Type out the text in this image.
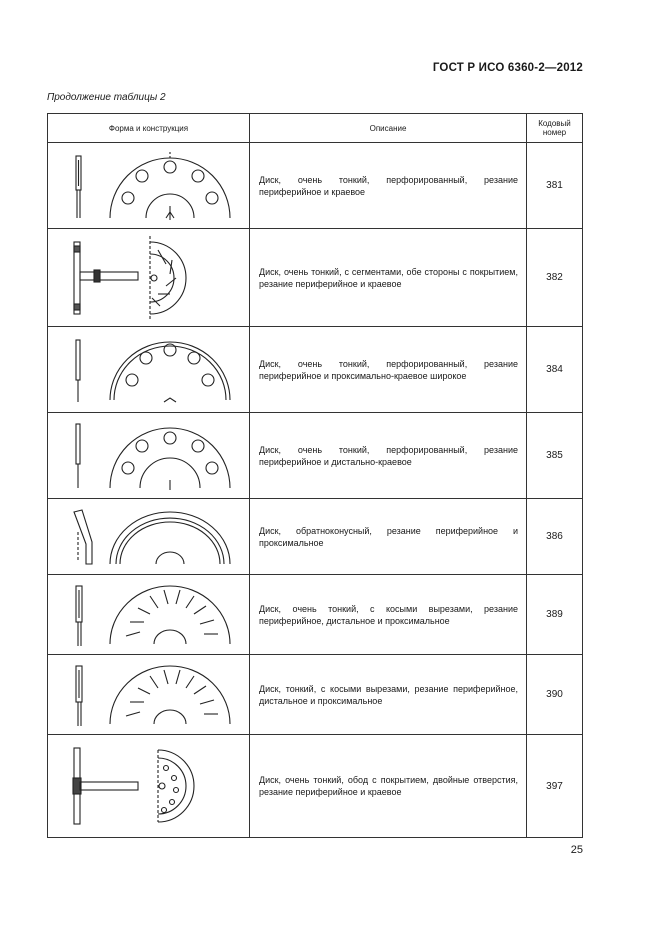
ГОСТ Р ИСО 6360-2—2012
Продолжение таблицы 2
Форма и конструкция	Описание	Кодовый номер

	Диск, очень тонкий, перфорированный, резание периферийное и краевое	381

	Диск, очень тонкий, с сегментами, обе стороны с покрытием, резание периферийное и краевое	382

	Диск, очень тонкий, перфорированный, резание периферийное и проксимально-краевое широкое	384

	Диск, очень тонкий, перфорированный, резание периферийное и дистально-краевое	385

	Диск, обратноконусный, резание периферийное и проксимальное	386

	Диск, очень тонкий, с косыми вырезами, резание периферийное, дистальное и проксимальное	389

	Диск, тонкий, с косыми вырезами, резание периферийное, дистальное и проксимальное	390

	Диск, очень тонкий, обод с покрытием, двойные отверстия, резание периферийное и краевое	397
25
